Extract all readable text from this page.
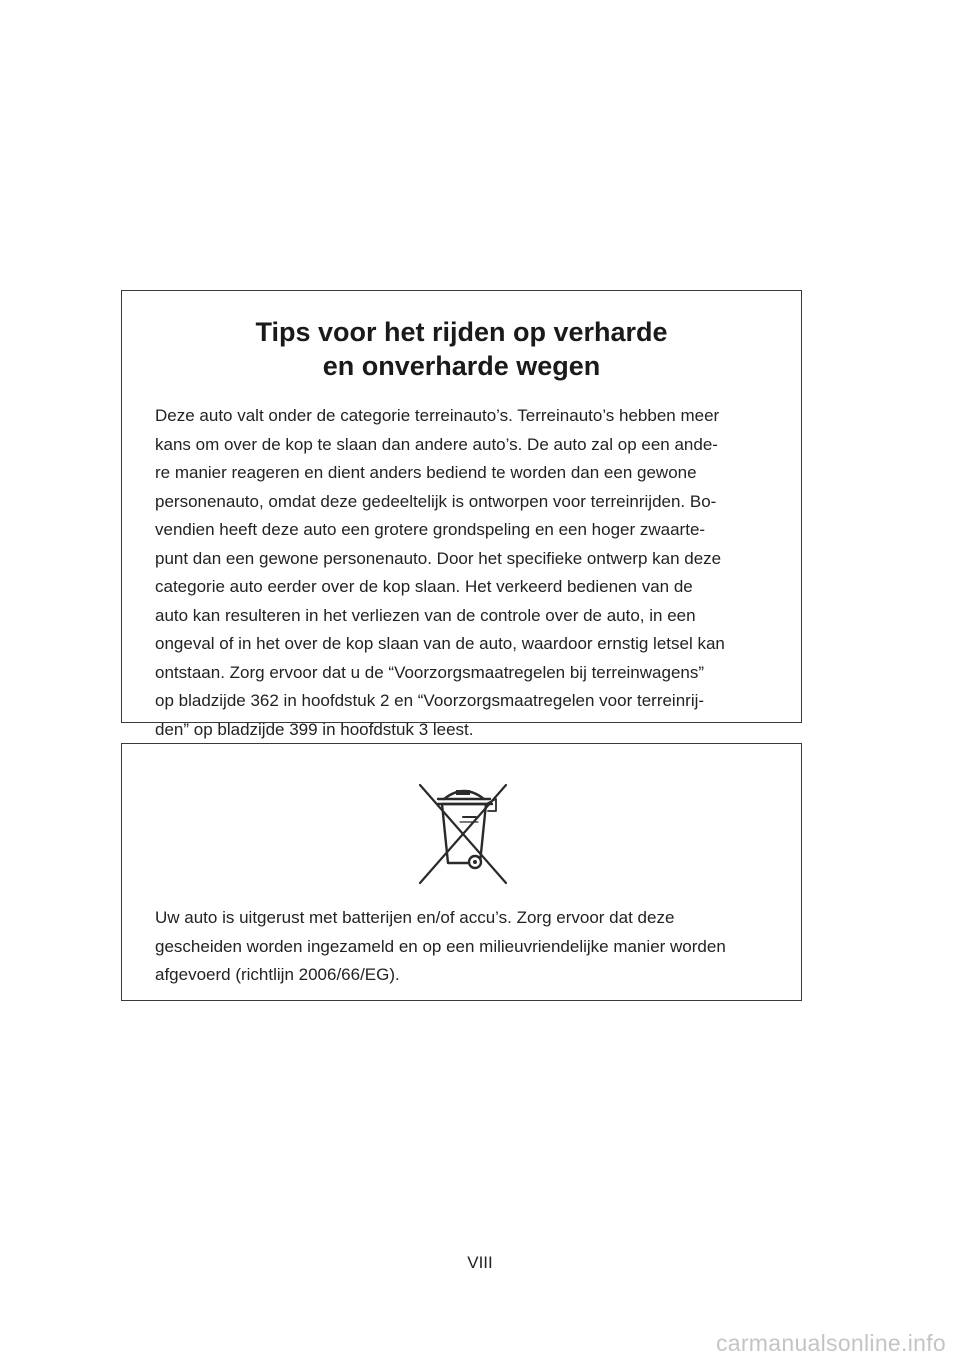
Tips voor het rijden op verharde
en onverharde wegen
Deze auto valt onder de categorie terreinauto’s. Terreinauto’s hebben meer
kans om over de kop te slaan dan andere auto’s. De auto zal op een ande-
re manier reageren en dient anders bediend te worden dan een gewone
personenauto, omdat deze gedeeltelijk is ontworpen voor terreinrijden. Bo-
vendien heeft deze auto een grotere grondspeling en een hoger zwaarte-
punt dan een gewone personenauto. Door het specifieke ontwerp kan deze
categorie auto eerder over de kop slaan. Het verkeerd bedienen van de
auto kan resulteren in het verliezen van de controle over de auto, in een
ongeval of in het over de kop slaan van de auto, waardoor ernstig letsel kan
ontstaan. Zorg ervoor dat u de “Voorzorgsmaatregelen bij terreinwagens”
op bladzijde 362 in hoofdstuk 2 en “Voorzorgsmaatregelen voor terreinrij-
den” op bladzijde 399 in hoofdstuk 3 leest.
Uw auto is uitgerust met batterijen en/of accu’s. Zorg ervoor dat deze
gescheiden worden ingezameld en op een milieuvriendelijke manier worden
afgevoerd (richtlijn 2006/66/EG).
VIII
carmanualsonline.info
